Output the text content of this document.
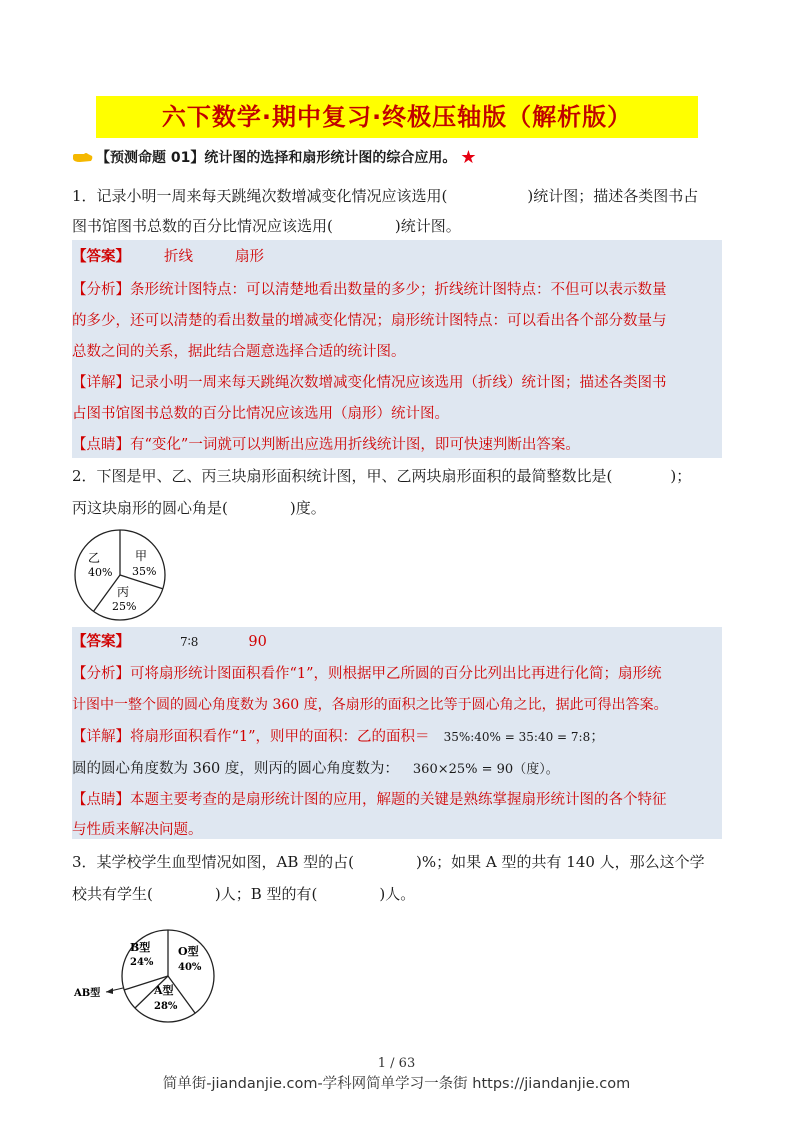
六下数学·期中复习·终极压轴版（解析版）
【预测命题 01】统计图的选择和扇形统计图的综合应用。 ★
1．记录小明一周来每天跳绳次数增减变化情况应该选用(	)统计图；描述各类图书占
图书馆图书总数的百分比情况应该选用(	)统计图。
【答案】 折线	扇形
【分析】条形统计图特点：可以清楚地看出数量的多少；折线统计图特点：不但可以表示数量
的多少，还可以清楚的看出数量的增减变化情况；扇形统计图特点：可以看出各个部分数量与
总数之间的关系，据此结合题意选择合适的统计图。
【详解】记录小明一周来每天跳绳次数增减变化情况应该选用（折线）统计图；描述各类图书
占图书馆图书总数的百分比情况应该选用（扇形）统计图。
【点睛】有“变化”一词就可以判断出应选用折线统计图，即可快速判断出答案。
2．下图是甲、乙、丙三块扇形面积统计图，甲、乙两块扇形面积的最简整数比是(	)；
丙这块扇形的圆心角是(	)度。
乙
40%
甲
35%
丙
25%
【答案】	7∶8	90
【分析】可将扇形统计图面积看作“1”，则根据甲乙所圆的百分比列出比再进行化简；扇形统
计图中一整个圆的圆心角度数为 360 度，各扇形的面积之比等于圆心角之比，据此可得出答案。
【详解】将扇形面积看作“1”，则甲的面积：乙的面积＝ 35%:40% = 35:40 = 7:8；
圆的圆心角度数为 360 度，则丙的圆心角度数为： 360×25% = 90（度）。
【点睛】本题主要考查的是扇形统计图的应用，解题的关键是熟练掌握扇形统计图的各个特征
与性质来解决问题。
3．某学校学生血型情况如图，AB 型的占(	)%；如果 A 型的共有 140 人，那么这个学
校共有学生(	)人；B 型的有(	)人。
B型
24%
O型
40%
A型
28%
AB型
1 / 63
简单街-jiandanjie.com-学科网简单学习一条街 https://jiandanjie.com
